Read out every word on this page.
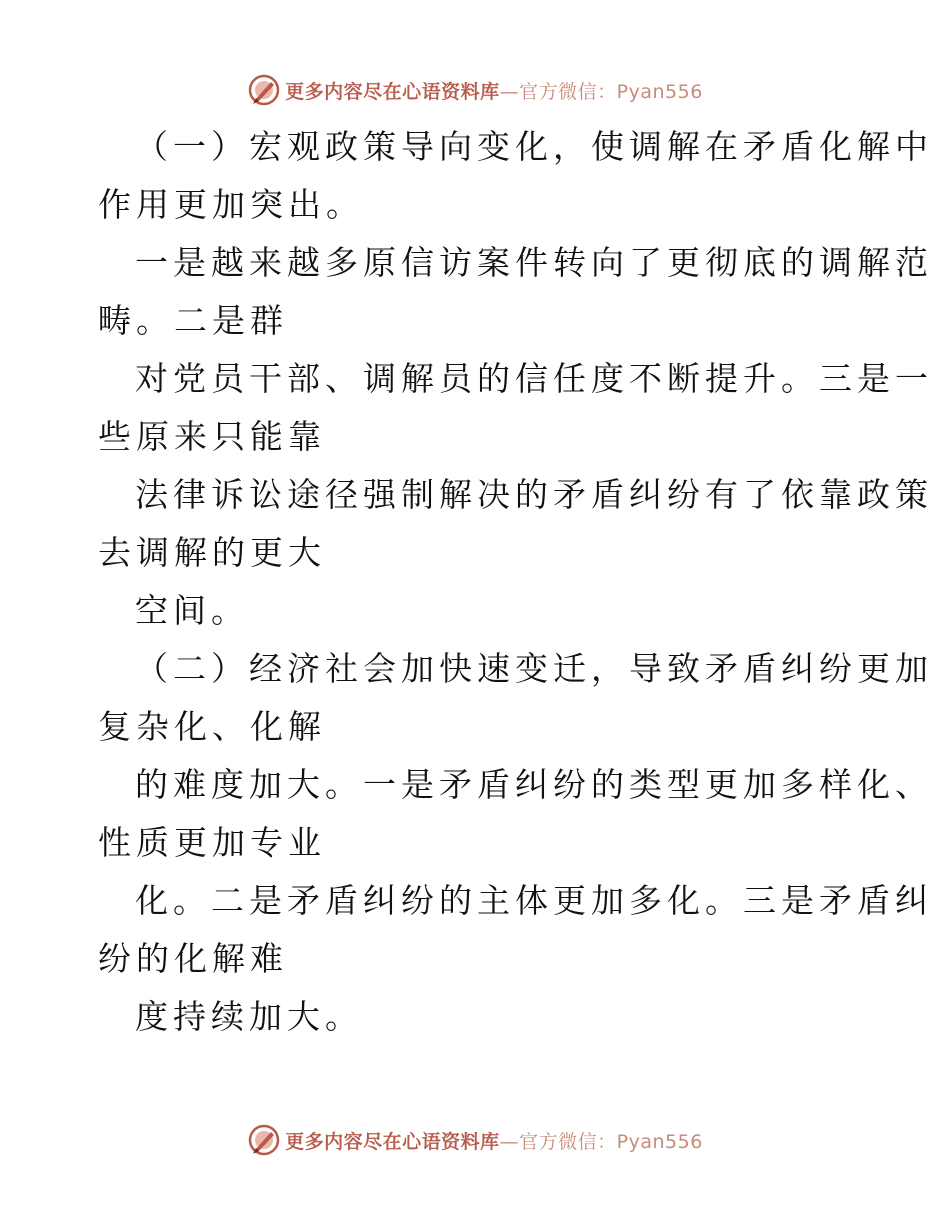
更多内容尽在心语资料库—官方微信：Pyan556
（一）宏观政策导向变化，使调解在矛盾化解中
作用更加突出。
一是越来越多原信访案件转向了更彻底的调解范
畴。二是群
对党员干部、调解员的信任度不断提升。三是一
些原来只能靠
法律诉讼途径强制解决的矛盾纠纷有了依靠政策
去调解的更大
空间。
（二）经济社会加快速变迁，导致矛盾纠纷更加
复杂化、化解
的难度加大。一是矛盾纠纷的类型更加多样化、
性质更加专业
化。二是矛盾纠纷的主体更加多化。三是矛盾纠
纷的化解难
度持续加大。
更多内容尽在心语资料库—官方微信：Pyan556
